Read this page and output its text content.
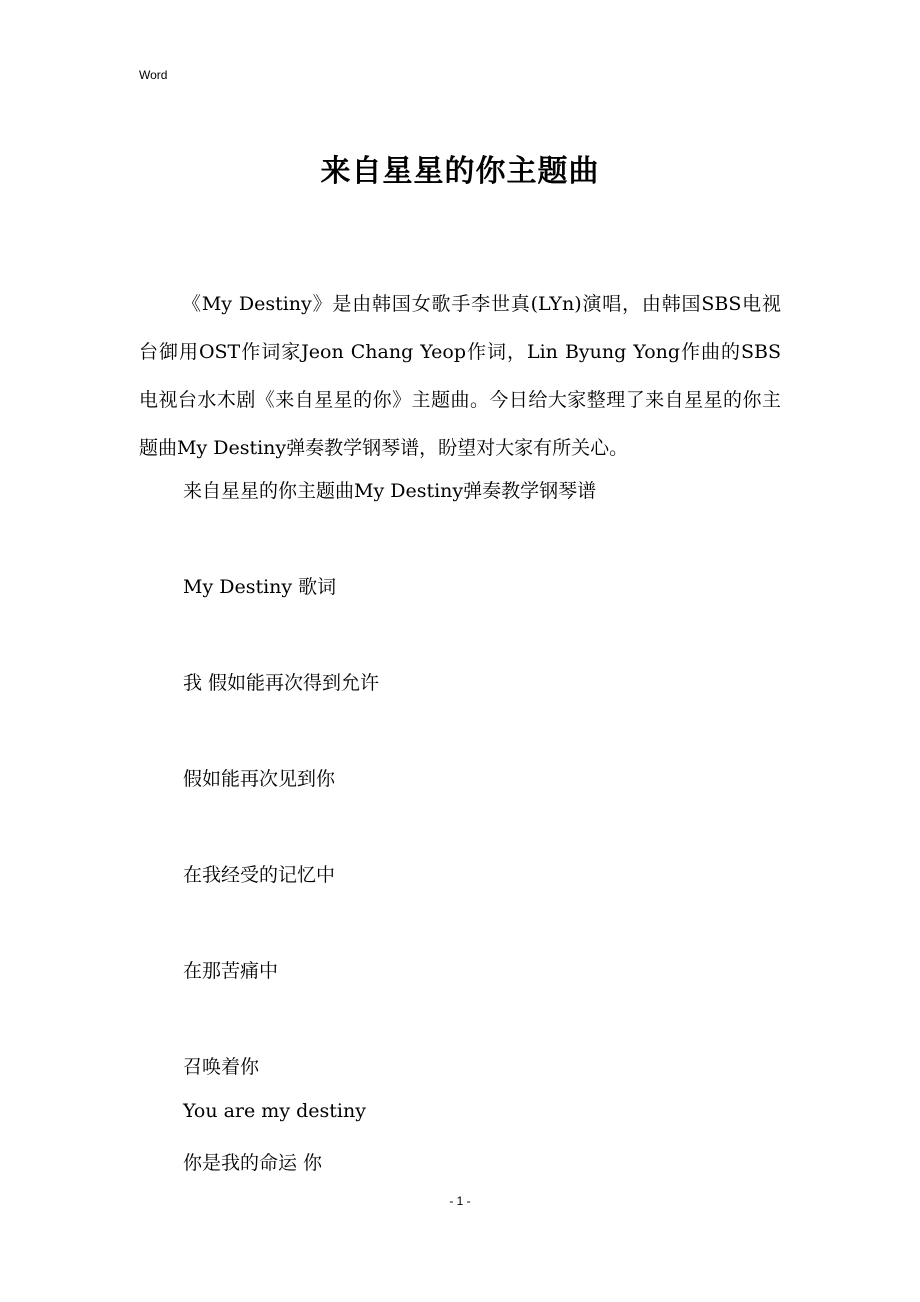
Word
来自星星的你主题曲

《My Destiny》是由韩国女歌手李世真(LYn)演唱，由韩国SBS电视台御用OST作词家Jeon Chang Yeop作词，Lin Byung Yong作曲的SBS电视台水木剧《来自星星的你》主题曲。今日给大家整理了来自星星的你主题曲My Destiny弹奏教学钢琴谱，盼望对大家有所关心。

来自星星的你主题曲My Destiny弹奏教学钢琴谱

My Destiny 歌词

我 假如能再次得到允许

假如能再次见到你

在我经受的记忆中

在那苦痛中

召唤着你

You are my destiny

你是我的命运 你

- 1 -
